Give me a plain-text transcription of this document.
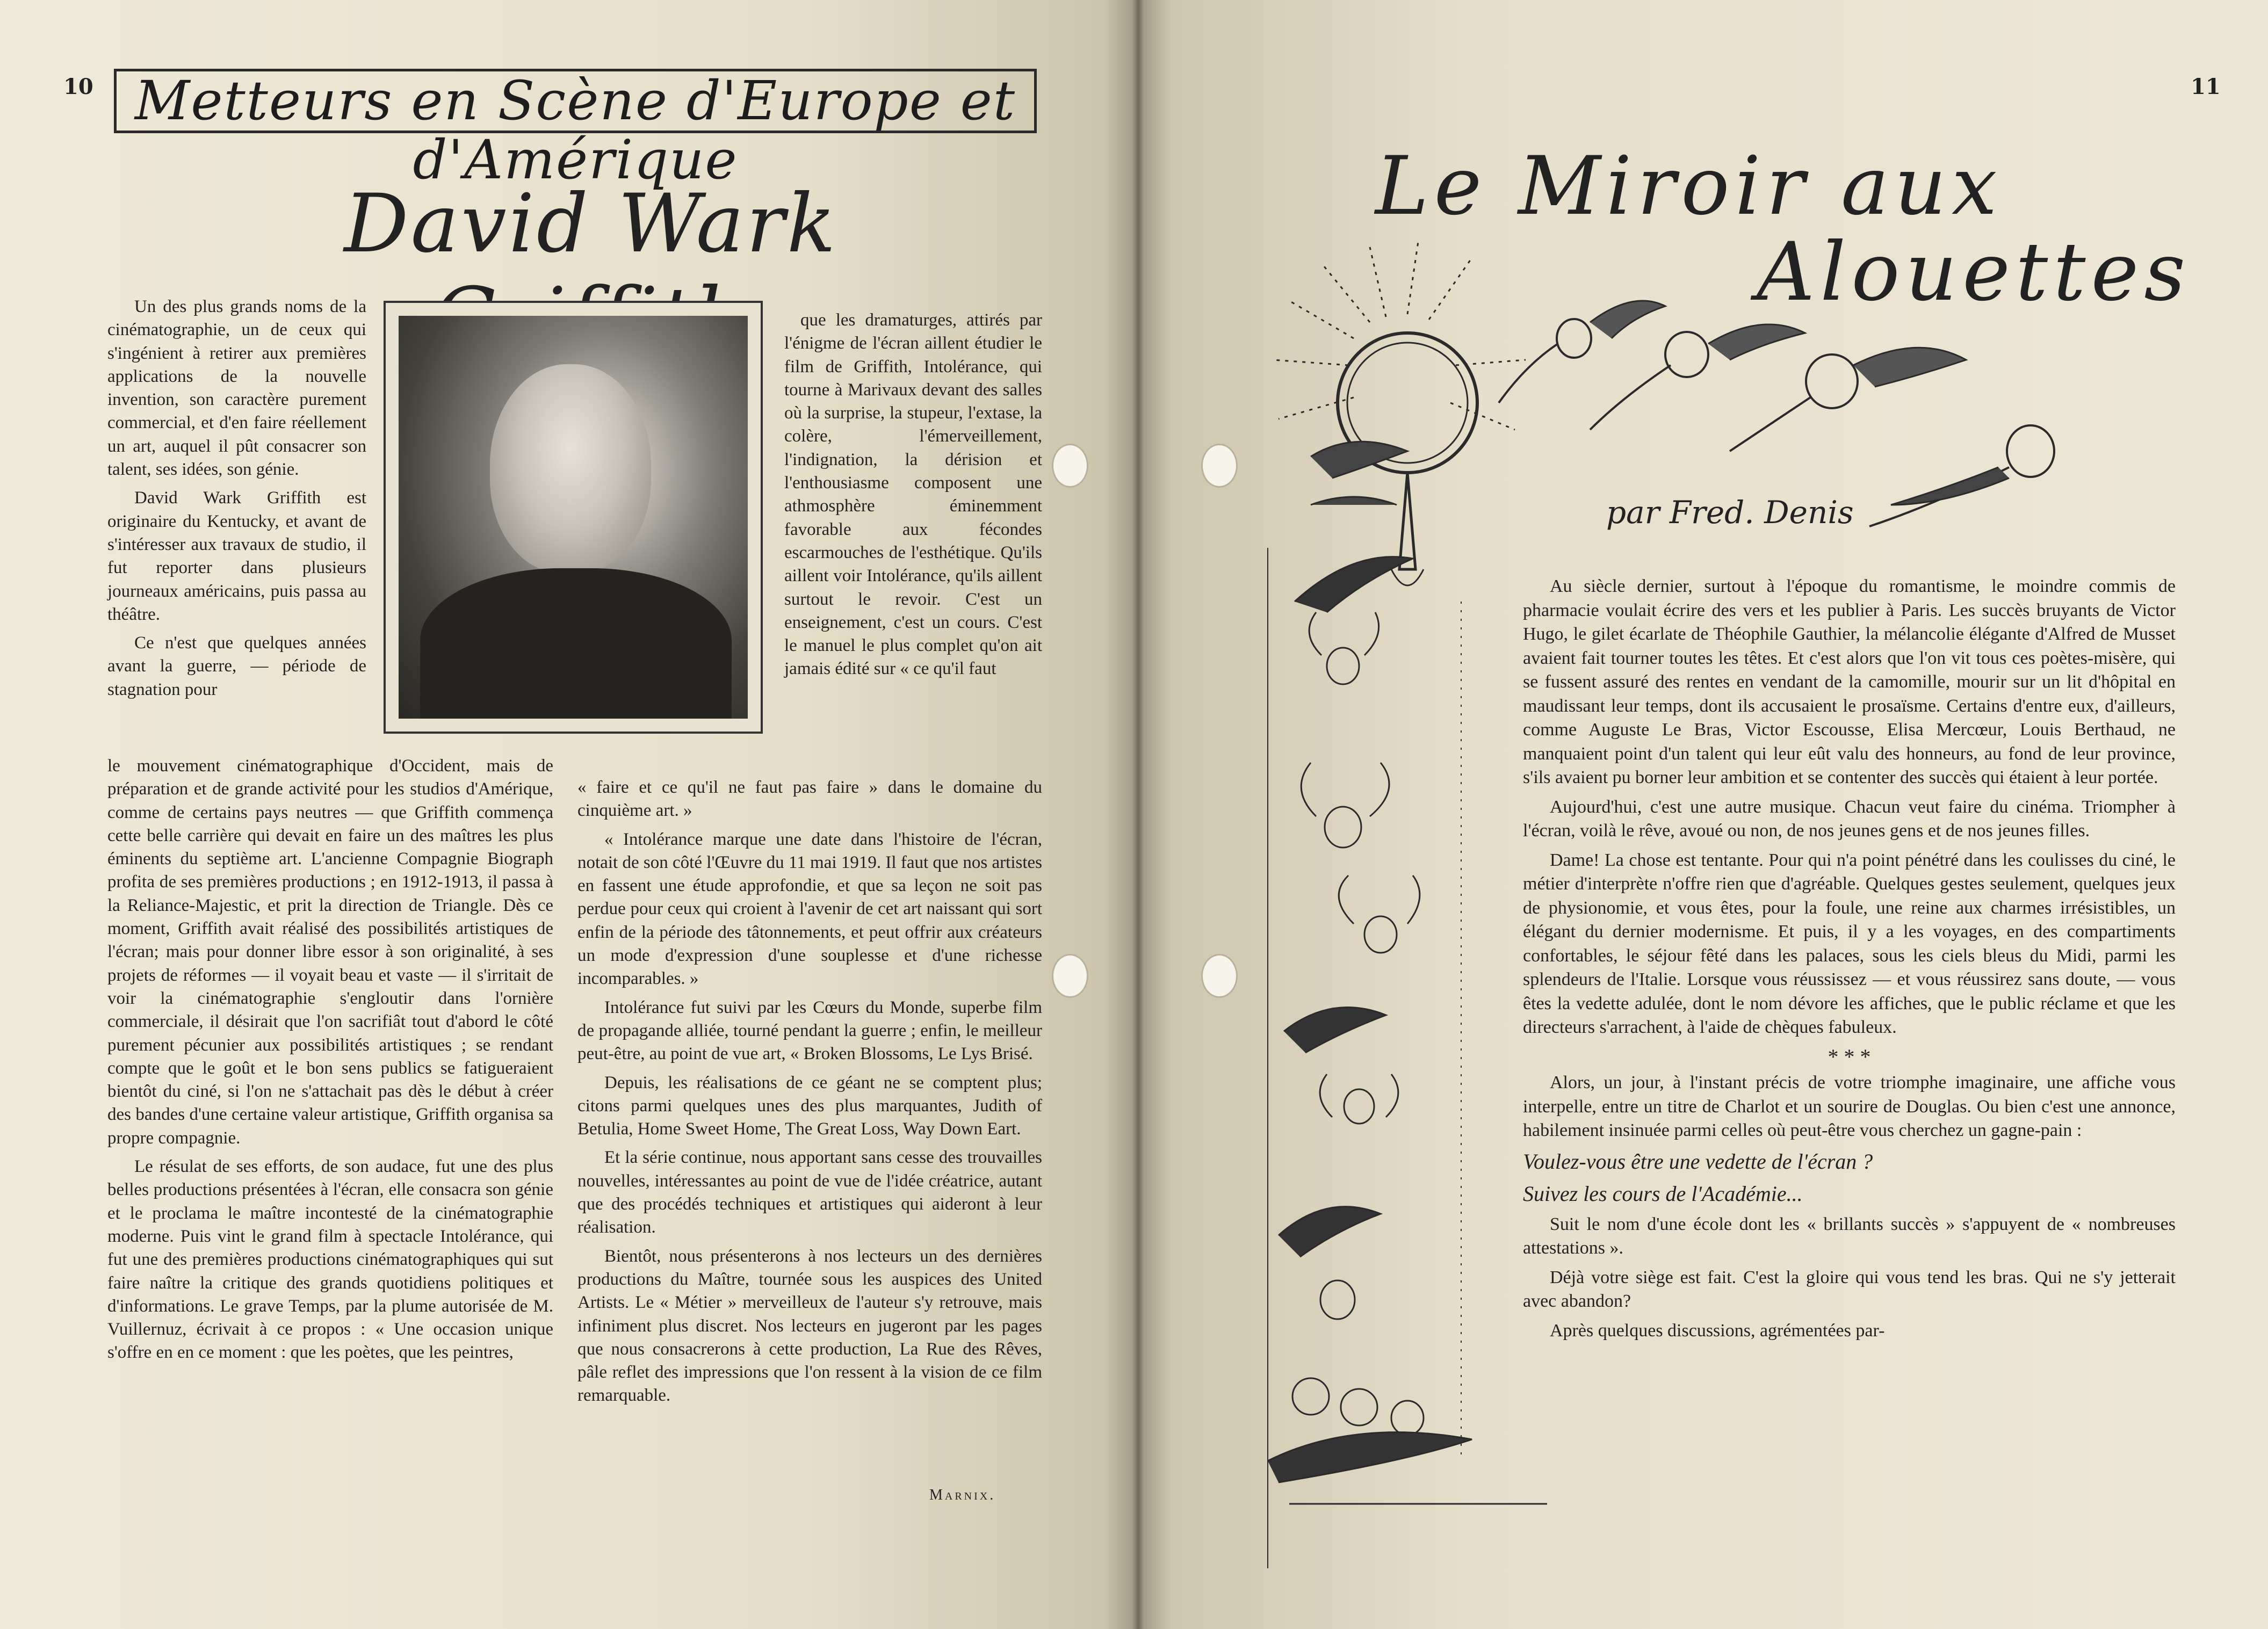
10 Metteurs en Scène d'Europe et d'Amérique
David Wark

Un des plus grands noms de la cinématographie, un de ceux qui s'ingénient à retirer aux premières applications de la nouvelle invention, son caractère purement commercial, et d'en faire réellement un art, auquel il pût consacrer son talent, ses idées, son génie.

David Wark Griffith est originaire du Kentucky, et avant de s'intéresser aux travaux de studio, il fut reporter dans plusieurs journeaux américains, puis passa au théâtre.

Ce n'est que quelques années avant la guerre, — période de stagnation pour

le mouvement cinématographique d'Occident, mais de préparation et de grande activité pour les studios d'Amérique, comme de certains pays neutres — que Griffith commença cette belle carrière qui devait en faire un des maîtres les plus éminents du septième art. L'ancienne Compagnie Biograph profita de ses premières productions ; en 1912-1913, il passa à la Reliance-Majestic, et prit la direction de Triangle. Dès ce moment, Griffith avait réalisé des possibilités artistiques de l'écran; mais pour donner libre essor à son originalité, à ses projets de réformes — il voyait beau et vaste — il s'irritait de voir la cinématographie s'engloutir dans l'ornière commerciale, il désirait que l'on sacrifiât tout d'abord le côté purement pécunier aux possibilités artistiques ; se rendant compte que le goût et le bon sens publics se fatigueraient bientôt du ciné, si l'on ne s'attachait pas dès le début à créer des bandes d'une certaine valeur artistique, Griffith organisa sa propre compagnie.

Le résulat de ses efforts, de son audace, fut une des plus belles productions présentées à l'écran, elle consacra son génie et le proclama le maître incontesté de la cinématographie moderne. Puis vint le grand film à spectacle Intolérance, qui fut une des premières productions cinématographiques qui sut faire naître la critique des grands quotidiens politiques et d'informations. Le grave Temps, par la plume autorisée de M. Vuillernuz, écrivait à ce propos : « Une occasion unique s'offre en en ce moment : que les poètes, que les peintres,

que les dramaturges, attirés par l'énigme de l'écran aillent étudier le film de Griffith, Intolérance, qui tourne à Marivaux devant des salles où la surprise, la stupeur, l'extase, la colère, l'émerveillement, l'indignation, la dérision et l'enthousiasme composent une athmosphère éminemment favorable aux fécondes escarmouches de l'esthétique. Qu'ils aillent voir Intolérance, qu'ils aillent surtout le revoir. C'est un enseignement, c'est un cours. C'est le manuel le plus complet qu'on ait jamais édité sur « ce qu'il faut

« faire et ce qu'il ne faut pas faire » dans le domaine du cinquième art. »

« Intolérance marque une date dans l'histoire de l'écran, notait de son côté l'Œuvre du 11 mai 1919. Il faut que nos artistes en fassent une étude approfondie, et que sa leçon ne soit pas perdue pour ceux qui croient à l'avenir de cet art naissant qui sort enfin de la période des tâtonnements, et peut offrir aux créateurs un mode d'expression d'une souplesse et d'une richesse incomparables. »

Intolérance fut suivi par les Cœurs du Monde, superbe film de propagande alliée, tourné pendant la guerre ; enfin, le meilleur peut-être, au point de vue art, « Broken Blossoms, Le Lys Brisé.

Depuis, les réalisations de ce géant ne se comptent plus; citons parmi quelques unes des plus marquantes, Judith of Betulia, Home Sweet Home, The Great Loss, Way Down Eart.

Et la série continue, nous apportant sans cesse des trouvailles nouvelles, intéressantes au point de vue de l'idée créatrice, autant que des procédés techniques et artistiques qui aideront à leur réalisation.

Bientôt, nous présenterons à nos lecteurs un des dernières productions du Maître, tournée sous les auspices des United Artists. Le « Métier » merveilleux de l'auteur s'y retrouve, mais infiniment plus discret. Nos lecteurs en jugeront par les pages que nous consacrerons à cette production, La Rue des Rêves, pâle reflet des impressions que l'on ressent à la vision de ce film remarquable.

Marnix.
11
Le Miroir aux
Alouettes
par Fred. Denis

Au siècle dernier, surtout à l'époque du romantisme, le moindre commis de pharmacie voulait écrire des vers et les publier à Paris. Les succès bruyants de Victor Hugo, le gilet écarlate de Théophile Gauthier, la mélancolie élégante d'Alfred de Musset avaient fait tourner toutes les têtes. Et c'est alors que l'on vit tous ces poètes-misère, qui se fussent assuré des rentes en vendant de la camomille, mourir sur un lit d'hôpital en maudissant leur temps, dont ils accusaient le prosaïsme. Certains d'entre eux, d'ailleurs, comme Auguste Le Bras, Victor Escousse, Elisa Mercœur, Louis Berthaud, ne manquaient point d'un talent qui leur eût valu des honneurs, au fond de leur province, s'ils avaient pu borner leur ambition et se contenter des succès qui étaient à leur portée.

Aujourd'hui, c'est une autre musique. Chacun veut faire du cinéma. Triompher à l'écran, voilà le rêve, avoué ou non, de nos jeunes gens et de nos jeunes filles.

Dame! La chose est tentante. Pour qui n'a point pénétré dans les coulisses du ciné, le métier d'interprète n'offre rien que d'agréable. Quelques gestes seulement, quelques jeux de physionomie, et vous êtes, pour la foule, une reine aux charmes irrésistibles, un élégant du dernier modernisme. Et puis, il y a les voyages, en des compartiments confortables, le séjour fêté dans les palaces, sous les ciels bleus du Midi, parmi les splendeurs de l'Italie. Lorsque vous réussissez — et vous réussirez sans doute, — vous êtes la vedette adulée, dont le nom dévore les affiches, que le public réclame et que les directeurs s'arrachent, à l'aide de chèques fabuleux.

* * *

Alors, un jour, à l'instant précis de votre triomphe imaginaire, une affiche vous interpelle, entre un titre de Charlot et un sourire de Douglas. Ou bien c'est une annonce, habilement insinuée parmi celles où peut-être vous cherchez un gagne-pain :

Voulez-vous être une vedette de l'écran ?

Suivez les cours de l'Académie...

Suit le nom d'une école dont les « brillants succès » s'appuyent de « nombreuses attestations ».

Déjà votre siège est fait. C'est la gloire qui vous tend les bras. Qui ne s'y jetterait avec abandon?

Après quelques discussions, agrémentées par-
